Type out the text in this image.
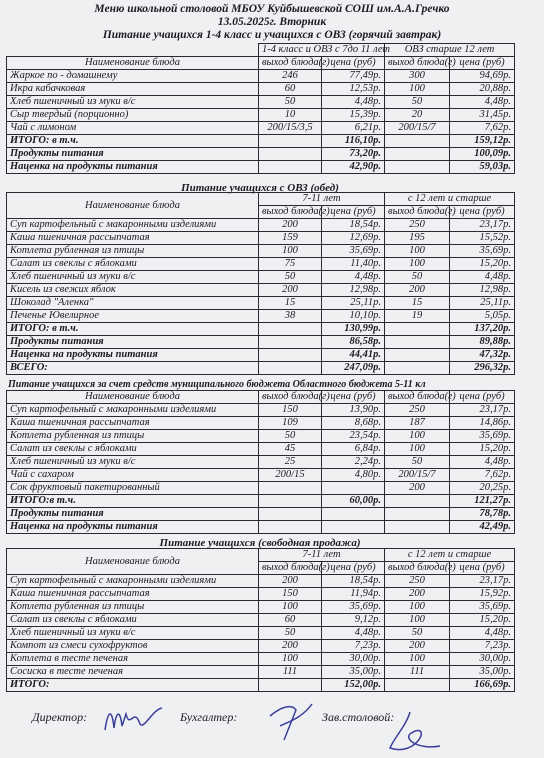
Меню школьной столовой МБОУ Куйбышевской СОШ им.А.А.Гречко
13.05.2025г. Вторник
Питание учащихся 1-4 класс и учащихся с ОВЗ (горячий завтрак)
	1-4 класс и ОВЗ с 7до 11 лет		ОВЗ старше 12 лет	
Наименование блюда	выход блюда(г)	цена (руб)	выход блюда(г)	цена (руб)
Жаркое по - домашнему	246	77,49р.	300	94,69р.
Икра кабачковая	60	12,53р.	100	20,88р.
Хлеб пшеничный из муки в/с	50	4,48р.	50	4,48р.
Сыр твердый (порционно)	10	15,39р.	20	31,45р.
Чай с лимоном	200/15/3,5	6,21р.	200/15/7	7,62р.
ИТОГО: в т.ч.		116,10р.		159,12р.
Продукты питания		73,20р.		100,09р.
Наценка на продукты питания		42,90р.		59,03р.
Питание учащихся с ОВЗ (обед)
Наименование блюда	7-11 лет		с 12 лет и старше	
	выход блюда(г)	цена (руб)	выход блюда(г)	цена (руб)
Суп картофельный с макаронными изделиями	200	18,54р.	250	23,17р.
Каша пшеничная рассыпчатая	159	12,69р.	195	15,52р.
Котлета рубленная из птицы	100	35,69р.	100	35,69р.
Салат из свеклы с яблоками	75	11,40р.	100	15,20р.
Хлеб пшеничный из муки в/с	50	4,48р.	50	4,48р.
Кисель из свежих яблок	200	12,98р.	200	12,98р.
Шоколад "Аленка"	15	25,11р.	15	25,11р.
Печенье Ювелирное	38	10,10р.	19	5,05р.
ИТОГО: в т.ч.		130,99р.		137,20р.
Продукты питания		86,58р.		89,88р.
Наценка на продукты питания		44,41р.		47,32р.
ВСЕГО:		247,09р.		296,32р.
Питание учащихся за счет средств муниципального бюджета Областного бюджета 5-11 кл
Наименование блюда	выход блюда(г)	цена (руб)	выход блюда(г)	цена (руб)
Суп картофельный с макаронными изделиями	150	13,90р.	250	23,17р.
Каша пшеничная рассыпчатая	109	8,68р.	187	14,86р.
Котлета рубленная из птицы	50	23,54р.	100	35,69р.
Салат из свеклы с яблоками	45	6,84р.	100	15,20р.
Хлеб пшеничный из муки в/с	25	2,24р.	50	4,48р.
Чай с сахаром	200/15	4,80р.	200/15/7	7,62р.
Сок фруктовый пакетированный			200	20,25р.
ИТОГО:в т.ч.		60,00р.		121,27р.
Продукты питания				78,78р.
Наценка на продукты питания				42,49р.
Питание учащихся (свободная продажа)
Наименование блюда	7-11 лет		с 12 лет и старше	
	выход блюда(г)	цена (руб)	выход блюда(г)	цена (руб)
Суп картофельный с макаронными изделиями	200	18,54р.	250	23,17р.
Каша пшеничная рассыпчатая	150	11,94р.	200	15,92р.
Котлета рубленная из птицы	100	35,69р.	100	35,69р.
Салат из свеклы с яблоками	60	9,12р.	100	15,20р.
Хлеб пшеничный из муки в/с	50	4,48р.	50	4,48р.
Компот из смеси сухофруктов	200	7,23р.	200	7,23р.
Котлета в тесте печеная	100	30,00р.	100	30,00р.
Сосиска в тесте печеная	111	35,00р.	111	35,00р.
ИТОГО:		152,00р.		166,69р.
Директор:	Бухгалтер:	Зав.столовой:
